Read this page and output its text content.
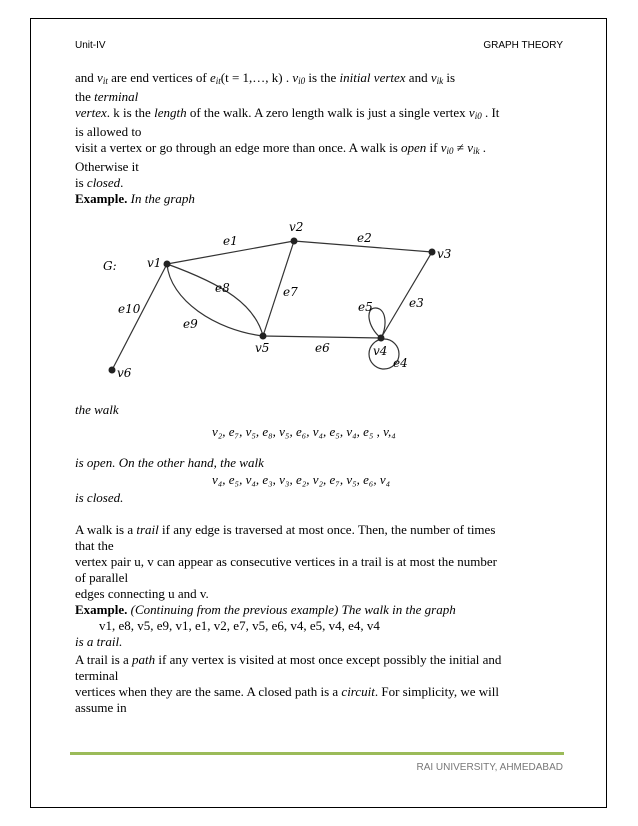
Unit-IV	GRAPH THEORY

and $v_{it}$ are end vertices of $e_{it}(t$ = 1,…, k) . $v_{i0}$ is the initial vertex and $v_{ik}$ is

the terminal

vertex. k is the length of the walk. A zero length walk is just a single vertex $v_{i0}$ . It

is allowed to

visit a vertex or go through an edge more than once. A walk is open if $v_{i0} \ne v_{ik}$ .

Otherwise it

is closed.

Example. In the graph

G:	v1
v2
v3
v4
v5
v6
e1	e2
e3
e4
e5
e6
e7
e8
e9
e10
the walk
v₂, e₇, v₅, e₈, v₅, e₆, v₄, e₅, v₄, e₅ , v,₄
is open. On the other hand, the walk
v₄, e₅, v₄, e₃, v₃, e₂, v₂, e₇, v₅, e₆, v₄
is closed.

A walk is a trail if any edge is traversed at most once. Then, the number of times

that the

vertex pair u, v can appear as consecutive vertices in a trail is at most the number

of parallel

edges connecting u and v.

Example. (Continuing from the previous example) The walk in the graph

v1, e8, v5, e9, v1, e1, v2, e7, v5, e6, v4, e5, v4, e4, v4

is a trail.

A trail is a path if any vertex is visited at most once except possibly the initial and

terminal

vertices when they are the same. A closed path is a circuit. For simplicity, we will

assume in

RAI UNIVERSITY, AHMEDABAD
